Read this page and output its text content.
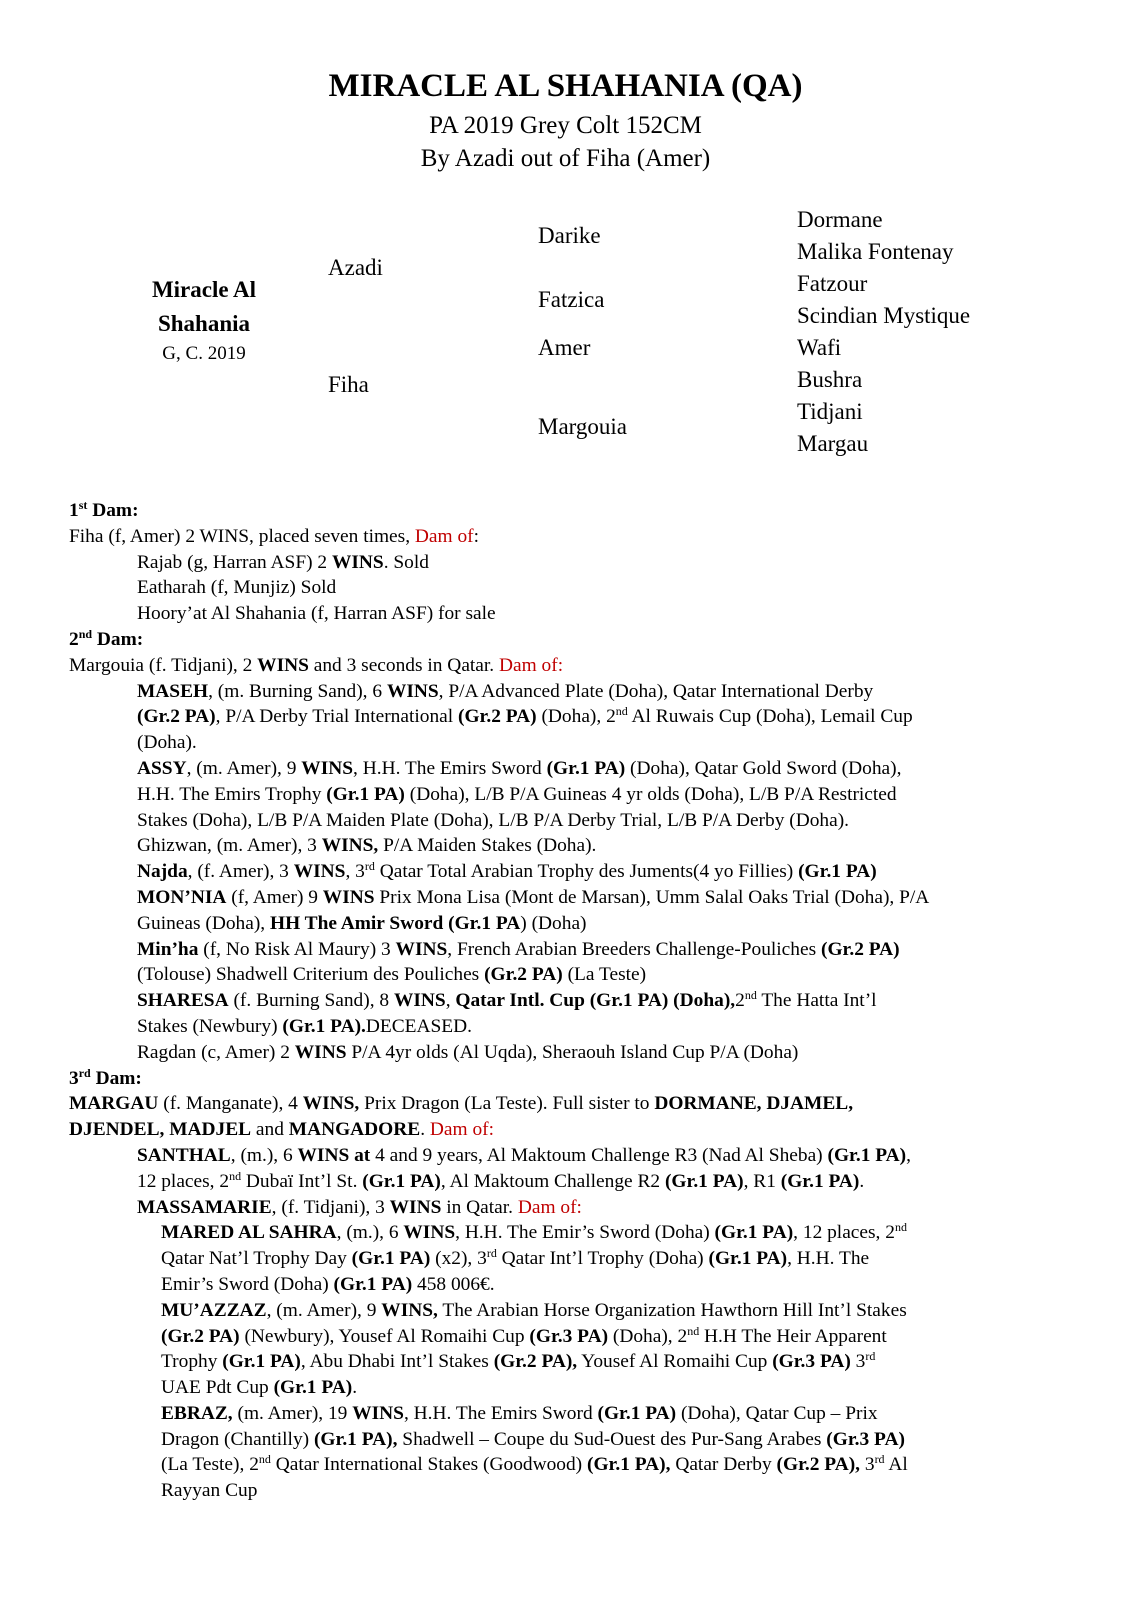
MIRACLE AL SHAHANIA (QA)
PA 2019 Grey Colt 152CM
By Azadi out of Fiha (Amer)
Miracle Al
Shahania
G, C. 2019
Azadi
Fiha
Darike
Fatzica
Amer
Margouia
Dormane
Malika Fontenay
Fatzour
Scindian Mystique
Wafi
Bushra
Tidjani
Margau
1st Dam:
Fiha (f, Amer) 2 WINS, placed seven times, Dam of:
Rajab (g, Harran ASF) 2 WINS. Sold
Eatharah (f, Munjiz) Sold
Hoory’at Al Shahania (f, Harran ASF) for sale
2nd Dam:
Margouia (f. Tidjani), 2 WINS and 3 seconds in Qatar. Dam of:
MASEH, (m. Burning Sand), 6 WINS, P/A Advanced Plate (Doha), Qatar International Derby
(Gr.2 PA), P/A Derby Trial International (Gr.2 PA) (Doha), 2nd Al Ruwais Cup (Doha), Lemail Cup
(Doha).
ASSY, (m. Amer), 9 WINS, H.H. The Emirs Sword (Gr.1 PA) (Doha), Qatar Gold Sword (Doha),
H.H. The Emirs Trophy (Gr.1 PA) (Doha), L/B P/A Guineas 4 yr olds (Doha), L/B P/A Restricted
Stakes (Doha), L/B P/A Maiden Plate (Doha), L/B P/A Derby Trial, L/B P/A Derby (Doha).
Ghizwan, (m. Amer), 3 WINS, P/A Maiden Stakes (Doha).
Najda, (f. Amer), 3 WINS, 3rd Qatar Total Arabian Trophy des Juments(4 yo Fillies) (Gr.1 PA)
MON’NIA (f, Amer) 9 WINS Prix Mona Lisa (Mont de Marsan), Umm Salal Oaks Trial (Doha), P/A
Guineas (Doha), HH The Amir Sword (Gr.1 PA) (Doha)
Min’ha (f, No Risk Al Maury) 3 WINS, French Arabian Breeders Challenge-Pouliches (Gr.2 PA)
(Tolouse) Shadwell Criterium des Pouliches (Gr.2 PA) (La Teste)
SHARESA (f. Burning Sand), 8 WINS, Qatar Intl. Cup (Gr.1 PA) (Doha),2nd The Hatta Int’l
Stakes (Newbury) (Gr.1 PA).DECEASED.
Ragdan (c, Amer) 2 WINS P/A 4yr olds (Al Uqda), Sheraouh Island Cup P/A (Doha)
3rd Dam:
MARGAU (f. Manganate), 4 WINS, Prix Dragon (La Teste). Full sister to DORMANE, DJAMEL,
DJENDEL, MADJEL and MANGADORE. Dam of:
SANTHAL, (m.), 6 WINS at 4 and 9 years, Al Maktoum Challenge R3 (Nad Al Sheba) (Gr.1 PA),
12 places, 2nd Dubaï Int’l St. (Gr.1 PA), Al Maktoum Challenge R2 (Gr.1 PA), R1 (Gr.1 PA).
MASSAMARIE, (f. Tidjani), 3 WINS in Qatar. Dam of:
MARED AL SAHRA, (m.), 6 WINS, H.H. The Emir’s Sword (Doha) (Gr.1 PA), 12 places, 2nd
Qatar Nat’l Trophy Day (Gr.1 PA) (x2), 3rd Qatar Int’l Trophy (Doha) (Gr.1 PA), H.H. The
Emir’s Sword (Doha) (Gr.1 PA) 458 006€.
MU’AZZAZ, (m. Amer), 9 WINS, The Arabian Horse Organization Hawthorn Hill Int’l Stakes
(Gr.2 PA) (Newbury), Yousef Al Romaihi Cup (Gr.3 PA) (Doha), 2nd H.H The Heir Apparent
Trophy (Gr.1 PA), Abu Dhabi Int’l Stakes (Gr.2 PA), Yousef Al Romaihi Cup (Gr.3 PA) 3rd
UAE Pdt Cup (Gr.1 PA).
EBRAZ, (m. Amer), 19 WINS, H.H. The Emirs Sword (Gr.1 PA) (Doha), Qatar Cup – Prix
Dragon (Chantilly) (Gr.1 PA), Shadwell – Coupe du Sud-Ouest des Pur-Sang Arabes (Gr.3 PA)
(La Teste), 2nd Qatar International Stakes (Goodwood) (Gr.1 PA), Qatar Derby (Gr.2 PA), 3rd Al
Rayyan Cup
